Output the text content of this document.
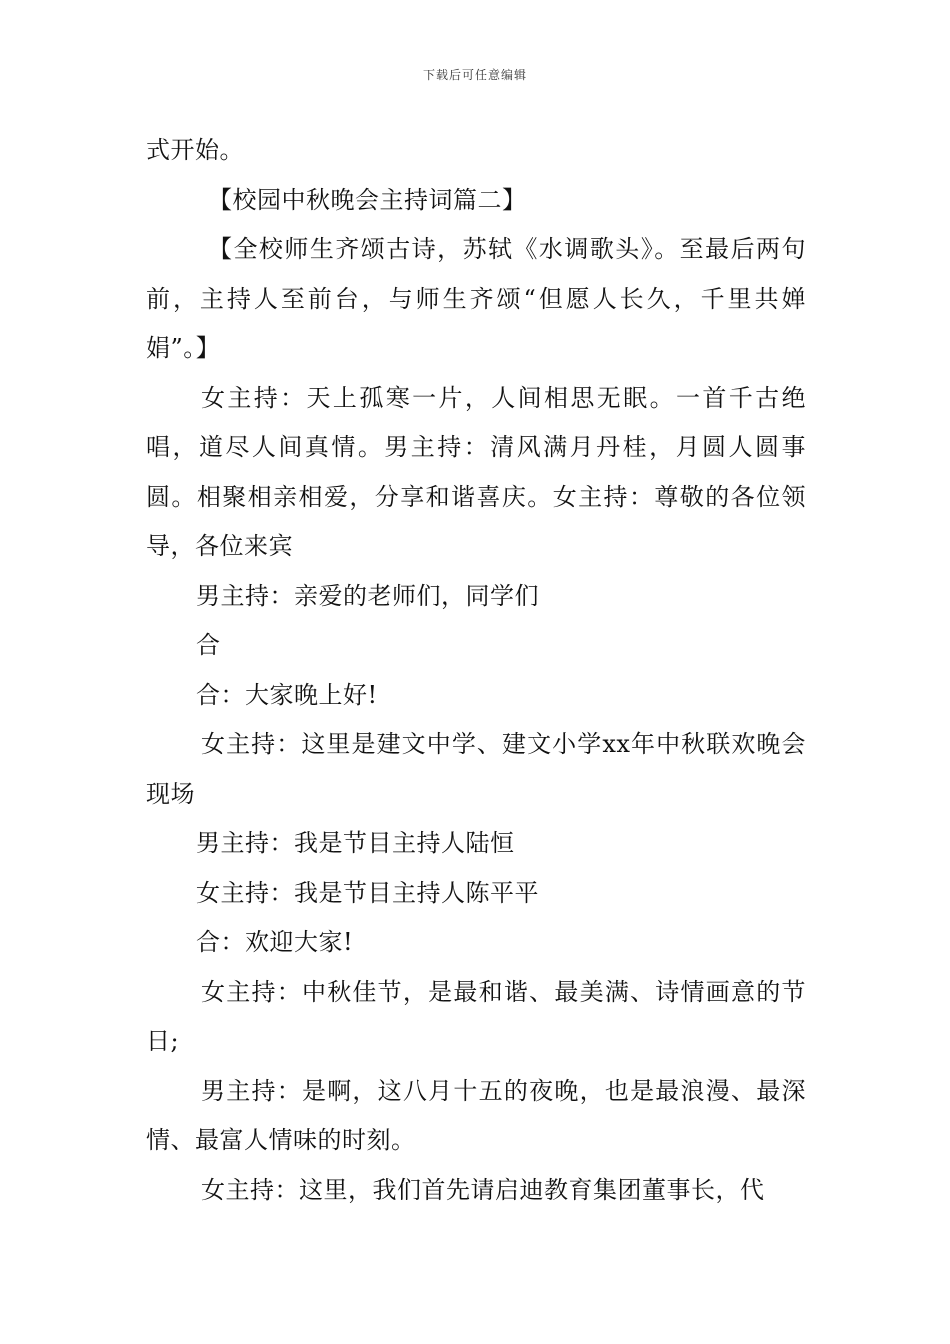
下载后可任意编辑

式开始。

【校园中秋晚会主持词篇二】

【全校师生齐颂古诗，苏轼《水调歌头》。至最后两句前，主持人至前台，与师生齐颂“但愿人长久，千里共婵娟”。】

女主持：天上孤寒一片，人间相思无眠。一首千古绝唱，道尽人间真情。男主持：清风满月丹桂，月圆人圆事圆。相聚相亲相爱，分享和谐喜庆。女主持：尊敬的各位领导，各位来宾

男主持：亲爱的老师们，同学们

合

合：大家晚上好!

女主持：这里是建文中学、建文小学xx年中秋联欢晚会现场

男主持：我是节目主持人陆恒

女主持：我是节目主持人陈平平

合：欢迎大家!

女主持：中秋佳节，是最和谐、最美满、诗情画意的节日;

男主持：是啊，这八月十五的夜晚，也是最浪漫、最深情、最富人情味的时刻。

女主持：这里，我们首先请启迪教育集团董事长，代
